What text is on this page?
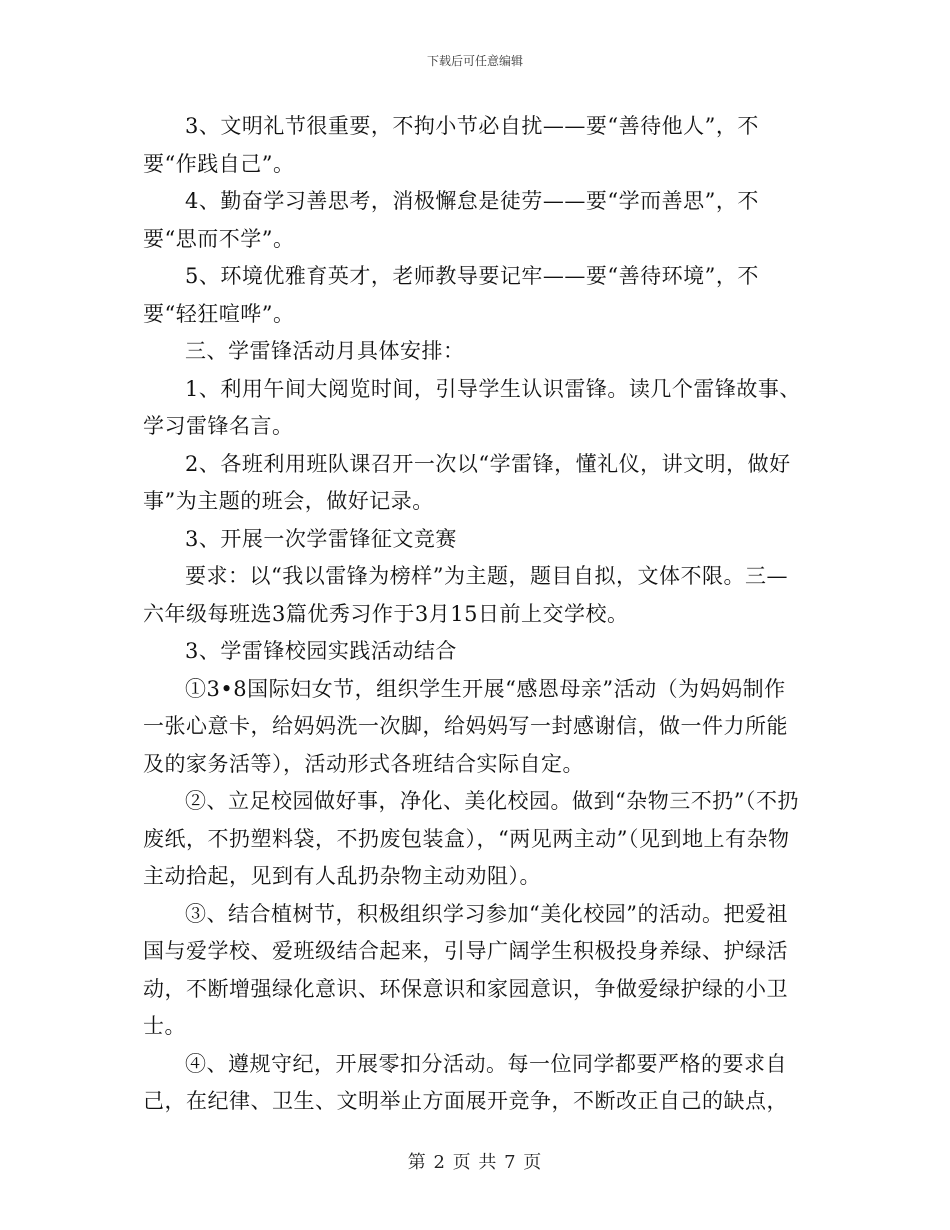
下载后可任意编辑

3、文明礼节很重要，不拘小节必自扰——要“善待他人”，不要“作践自己”。

4、勤奋学习善思考，消极懈怠是徒劳——要“学而善思”，不要“思而不学”。

5、环境优雅育英才，老师教导要记牢——要“善待环境”，不要“轻狂喧哗”。

三、学雷锋活动月具体安排：

1、利用午间大阅览时间，引导学生认识雷锋。读几个雷锋故事、学习雷锋名言。

2、各班利用班队课召开一次以“学雷锋，懂礼仪，讲文明，做好事”为主题的班会，做好记录。

3、开展一次学雷锋征文竞赛

要求：以“我以雷锋为榜样”为主题，题目自拟，文体不限。三—六年级每班选3篇优秀习作于3月15日前上交学校。

3、学雷锋校园实践活动结合

①3•8国际妇女节，组织学生开展“感恩母亲”活动（为妈妈制作一张心意卡，给妈妈洗一次脚，给妈妈写一封感谢信，做一件力所能及的家务活等），活动形式各班结合实际自定。

②、立足校园做好事，净化、美化校园。做到“杂物三不扔”（不扔废纸，不扔塑料袋，不扔废包装盒），“两见两主动”（见到地上有杂物主动拾起，见到有人乱扔杂物主动劝阻）。

③、结合植树节，积极组织学习参加“美化校园”的活动。把爱祖国与爱学校、爱班级结合起来，引导广阔学生积极投身养绿、护绿活动，不断增强绿化意识、环保意识和家园意识，争做爱绿护绿的小卫士。

④、遵规守纪，开展零扣分活动。每一位同学都要严格的要求自己，在纪律、卫生、文明举止方面展开竞争，不断改正自己的缺点，

第 2 页 共 7 页
